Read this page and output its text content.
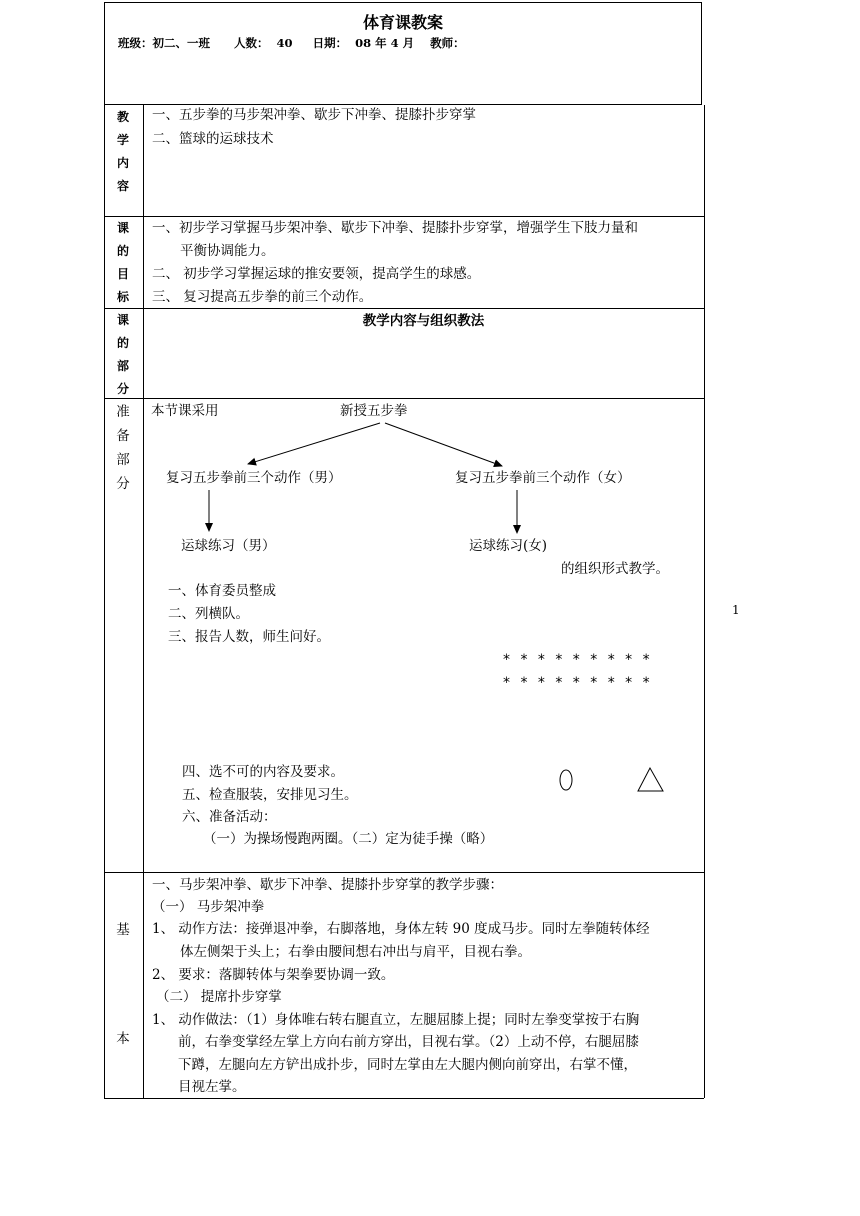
体育课教案
班级：初二、一班 人数： 40 日期： 08 年 4 月 教师：
教
学
内
容
一、五步拳的马步架冲拳、歇步下冲拳、提膝扑步穿掌
二、篮球的运球技术
课
的
目
标
一、初步学习掌握马步架冲拳、歇步下冲拳、提膝扑步穿掌，增强学生下肢力量和
平衡协调能力。
二、 初步学习掌握运球的推安要领，提高学生的球感。
三、 复习提高五步拳的前三个动作。
课
的
部
分
教学内容与组织教法
准
备
部
分
本节课采用	新授五步拳
复习五步拳前三个动作（男）	复习五步拳前三个动作（女）
运球练习（男）	运球练习(女)
的组织形式教学。
一、体育委员整成
二、列横队。
三、报告人数，师生问好。
* * * * * * * * *
* * * * * * * * *
四、选不可的内容及要求。
五、检查服装，安排见习生。
六、准备活动：
（一）为操场慢跑两圈。（二）定为徒手操（略）
基
本
一、马步架冲拳、歇步下冲拳、提膝扑步穿掌的教学步骤：
（一） 马步架冲拳
1、 动作方法：接弹退冲拳，右脚落地，身体左转 90 度成马步。同时左拳随转体经
体左侧架于头上；右拳由腰间想右冲出与肩平，目视右拳。
2、 要求：落脚转体与架拳要协调一致。
（二） 提席扑步穿掌
1、 动作做法：（1）身体唯右转右腿直立，左腿屈膝上提；同时左拳变掌按于右胸
前，右拳变掌经左掌上方向右前方穿出，目视右掌。（2）上动不停，右腿屈膝
下蹲，左腿向左方铲出成扑步，同时左掌由左大腿内侧向前穿出，右掌不懂，
目视左掌。
1
